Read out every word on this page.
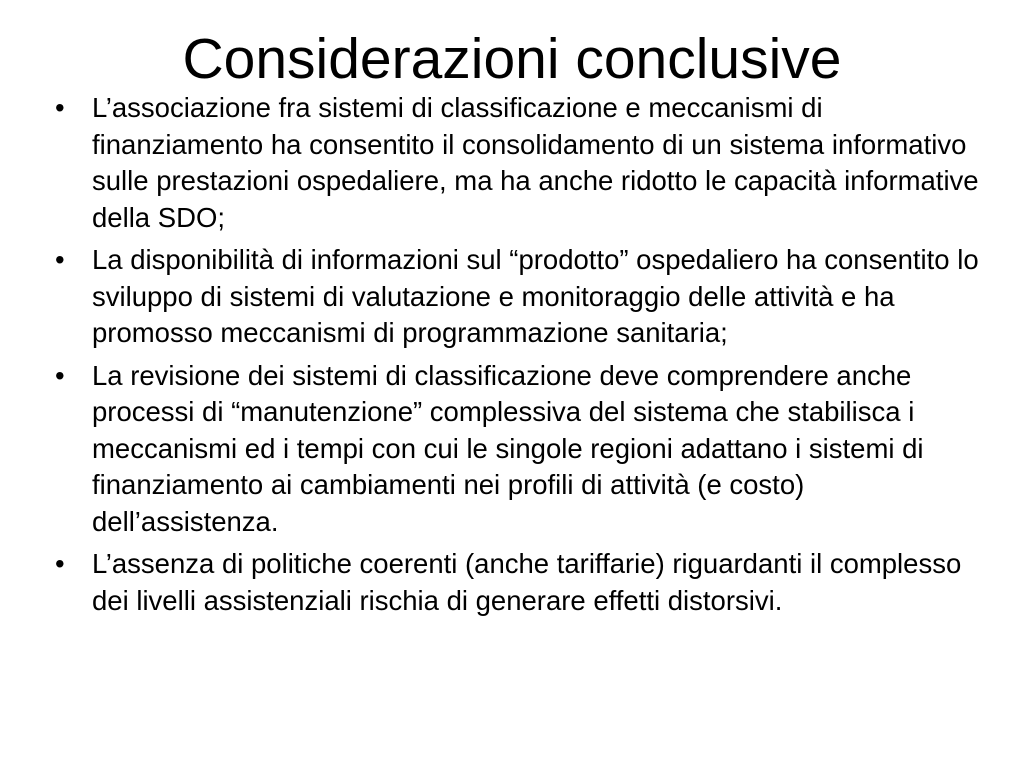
Considerazioni conclusive
• L’associazione fra sistemi di classificazione e meccanismi di finanziamento ha consentito il consolidamento di un sistema informativo sulle prestazioni ospedaliere, ma ha anche ridotto le capacità informative della SDO;
• La disponibilità di informazioni sul “prodotto” ospedaliero ha consentito lo sviluppo di sistemi di valutazione e monitoraggio delle attività e ha promosso meccanismi di programmazione sanitaria;
• La revisione dei sistemi di classificazione deve comprendere anche processi di “manutenzione” complessiva del sistema che stabilisca i meccanismi ed i tempi con cui le singole regioni adattano i sistemi di finanziamento ai cambiamenti nei profili di attività (e costo) dell’assistenza.
• L’assenza di politiche coerenti (anche tariffarie) riguardanti il complesso dei livelli assistenziali rischia di generare effetti distorsivi.
